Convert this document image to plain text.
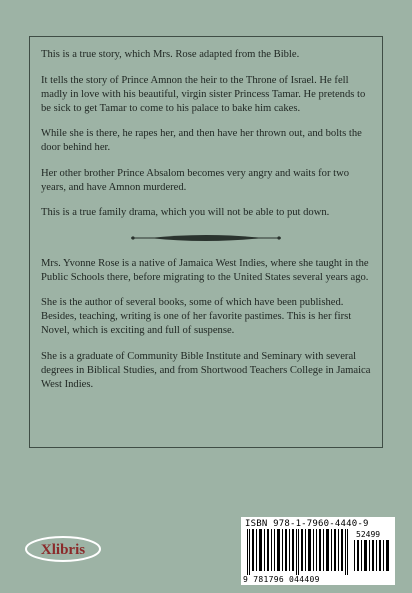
This is a true story, which Mrs. Rose adapted from the Bible.

It tells the story of Prince Amnon the heir to the Throne of Israel. He fell madly in love with his beautiful, virgin sister Princess Tamar. He pretends to be sick to get Tamar to come to his palace to bake him cakes.

While she is there, he rapes her, and then have her thrown out, and bolts the door behind her.

Her other brother Prince Absalom becomes very angry and waits for two years, and have Amnon murdered.

This is a true family drama, which you will not be able to put down.

Mrs. Yvonne Rose is a native of Jamaica West Indies, where she taught in the Public Schools there, before migrating to the United States several years ago.

She is the author of several books, some of which have been published. Besides, teaching, writing is one of her favorite pastimes. This is her first Novel, which is exciting and full of suspense.

She is a graduate of Community Bible Institute and Seminary with several degrees in Biblical Studies, and from Shortwood Teachers College in Jamaica West Indies.

Xlibris
ISBN 978-1-7960-4440-9
52499
9 781796 044409
